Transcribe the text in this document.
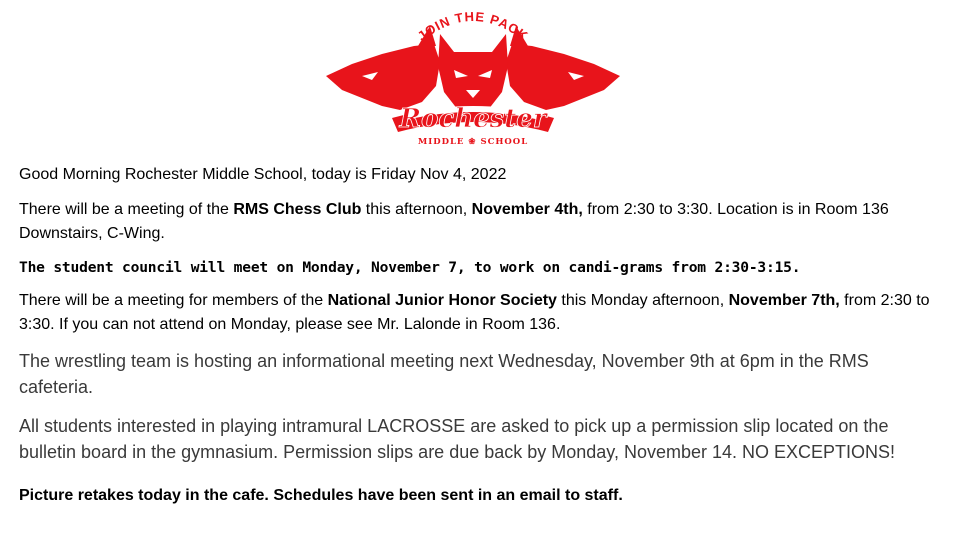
JOIN THE PACK
Rochester
MIDDLE ❀ SCHOOL

Good Morning Rochester Middle School, today is Friday Nov 4, 2022

There will be a meeting of the RMS Chess Club this afternoon, November 4th, from 2:30 to 3:30. Location is in Room 136 Downstairs, C-Wing.

The student council will meet on Monday, November 7, to work on candi-grams from 2:30-3:15.

There will be a meeting for members of the National Junior Honor Society this Monday afternoon, November 7th, from 2:30 to 3:30. If you can not attend on Monday, please see Mr. Lalonde in Room 136.

The wrestling team is hosting an informational meeting next Wednesday, November 9th at 6pm in the RMS cafeteria.

All students interested in playing intramural LACROSSE are asked to pick up a permission slip located on the bulletin board in the gymnasium. Permission slips are due back by Monday, November 14. NO EXCEPTIONS!

Picture retakes today in the cafe. Schedules have been sent in an email to staff.
